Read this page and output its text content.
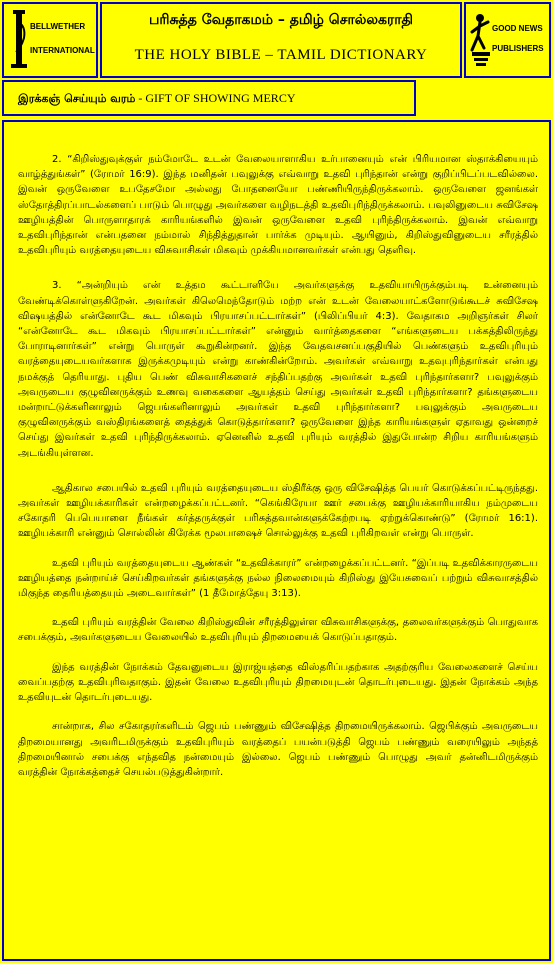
BELLWETHER
INTERNATIONAL
பரிசுத்த வேதாகமம் – தமிழ் சொல்லகராதி
THE HOLY BIBLE – TAMIL DICTIONARY
GOOD NEWS
PUBLISHERS
இரக்கஞ் செய்யும் வரம் - GIFT OF SHOWING MERCY

2. “கிறிஸ்துவுக்குள் நம்மோடே உடன் வேலையாளாகிய உர்பானையும் என் பிரியமான ஸ்தாக்கியையும் வாழ்த்துங்கள்” (ரோமர் 16:9). இந்த மனிதன் பவுலுக்கு எவ்வாறு உதவி புரிந்தான் என்று குறிப்பிடப்படவில்லை. இவன் ஒருவேளை உபதேசமோ அல்லது போதனையோ பண்ணியிருந்திருக்கலாம். ஒருவேளை ஜனங்கள் ஸ்தோத்திரப்பாடல்களைப் பாடும் பொழுது அவர்களை வழிநடத்தி உதவிபுரிந்திருக்கலாம். பவுலினுடைய சுவிசேஷ ஊழியத்தின் பொருளாதாரக் காரியங்களில் இவன் ஒருவேளை உதவி புரிந்திருக்கலாம். இவன் எவ்வாறு உதவிபுரிந்தான் என்பதனை நம்மால் சிந்தித்துதான் பார்க்க முடியும். ஆயினும், கிறிஸ்துவினுடைய சரீரத்தில் உதவிபுரியும் வரத்தையுடைய விசுவாசிகள் மிகவும் முக்கியமானவர்கள் என்பது தெளிவு.

3. “அன்றியும் என் உத்தம கூட்டாளியே அவர்களுக்கு உதவியாயிருக்கும்படி உன்னையும் வேண்டிக்கொள்ளுகிறேன். அவர்கள் கிலெமெந்தோடும் மற்ற என் உடன் வேலையாட்களோடுங்கூடச் சுவிசேஷ விஷயத்தில் என்னோடே கூட மிகவும் பிரயாசப்பட்டார்கள்” (பிலிப்பியர் 4:3). வேதாகம அறிஞர்கள் சிலர் “என்னோடே கூட மிகவும் பிரயாசப்பட்டார்கள்” என்னும் வார்த்தைகளை “எங்களுடைய பக்கத்திலிருந்து போராடினார்கள்” என்று பொருள் கூறுகின்றனர். இந்த வேதவசனப்பகுதியில் பெண்களும் உதவிபுரியும் வரத்தையுடையவர்களாக இருக்கமுடியும் என்று காண்கின்றோம். அவர்கள் எவ்வாறு உதவுபுரிந்தார்கள் என்பது நமக்குத் தெரியாது. புதிய பெண் விசுவாசிகளைச் சந்திப்பதற்கு அவர்கள் உதவி புரிந்தார்களா? பவுலுக்கும் அவருடைய குழுவினருக்கும் உணவு வகைகளை ஆயத்தம் செய்து அவர்கள் உதவி புரிந்தார்களா? தங்களுடைய மன்றாட்டுக்களினாலும் ஜெபங்களினாலும் அவர்கள் உதவி புரிந்தார்களா? பவுலுக்கும் அவருடைய குழுவினருக்கும் வஸ்திரங்களைத் தைத்துக் கொடுத்தார்களா? ஒருவேளை இந்த காரியங்களுள் ஏதாவது ஒன்றைச் செய்து இவர்கள் உதவி புரிந்திருக்கலாம். ஏனெனில் உதவி புரியும் வரத்தில் இதுபோன்ற சிறிய காரியங்களும் அடங்கியுள்ளன.

ஆதிகால சபையில் உதவி புரியும் வரத்தையுடைய ஸ்திரீக்கு ஒரு விசேஷித்த பெயர் கொடுக்கப்பட்டிருந்தது. அவர்கள் ஊழியக்காரிகள் என்றழைக்கப்பட்டனர். “கெங்கிரேயா ஊர் சபைக்கு ஊழியக்காரியாகிய நம்முடைய சகோதரி பெபெயாளை நீங்கள் கர்த்தருக்குள் பரிசுத்தவான்களுக்கேற்றபடி ஏற்றுக்கொண்டு” (ரோமர் 16:1). ஊழியக்காரி என்னும் சொல்லின் கிரேக்க மூலபாஷைச் சொல்லுக்கு உதவி புரிகிறவள் என்று பொருள்.

உதவி புரியும் வரத்தையுடைய ஆண்கள் “உதவிக்காரர்” என்றழைக்கப்பட்டனர். “இப்படி உதவிக்காரருடைய ஊழியத்தை நன்றாய்ச் செய்கிறவர்கள் தங்களுக்கு நல்ல நிலைமையும் கிறிஸ்து இயேசுவைப் பற்றும் விசுவாசத்தில் மிகுந்த தைரியத்தையும் அடைவார்கள்” (1 தீமோத்தேயு 3:13).

உதவி புரியும் வரத்தின் வேலை கிறிஸ்துவின் சரீரத்திலுள்ள விசுவாசிகளுக்கு, தலைவர்களுக்கும் பொதுவாக சபைக்கும், அவர்களுடைய வேலையில் உதவிபுரியும் திறமையைக் கொடுப்பதாகும்.

இந்த வரத்தின் நோக்கம் தேவனுடைய இராஜ்யத்தை விஸ்தரிப்பதற்காக அதற்குரிய வேலைகளைச் செய்ய வைப்பதற்கு உதவிபுரிவதாகும். இதன் வேலை உதவிபுரியும் திறமையுடன் தொடர்புடையது. இதன் நோக்கம் அந்த உதவியுடன் தொடர்புடையது.

சான்றாக, சில சகோதரர்களிடம் ஜெபம் பண்ணும் விசேஷித்த திறமையிருக்கலாம். ஜெபிக்கும் அவருடைய திறமையானது அவரிடமிருக்கும் உதவிபுரியும் வரத்தைப் பயன்படுத்தி ஜெபம் பண்ணும் வரையிலும் அந்தத் திறமையினால் சபைக்கு எந்தவித நன்மையும் இல்லை. ஜெபம் பண்ணும் பொழுது அவர் தன்னிடமிருக்கும் வரத்தின் நோக்கத்தைச் செயல்படுத்துகின்றார்.
